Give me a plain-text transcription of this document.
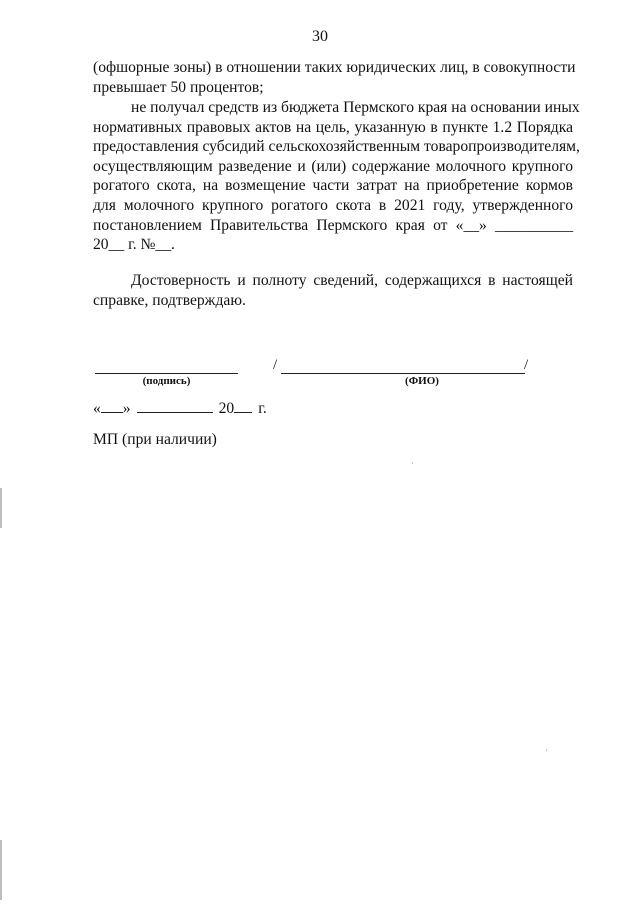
30
(офшорные зоны) в отношении таких юридических лиц, в совокупности
превышает 50 процентов;
не получал средств из бюджета Пермского края на основании иных
нормативных правовых актов на цель, указанную в пункте 1.2 Порядка
предоставления субсидий сельскохозяйственным товаропроизводителям,
осуществляющим разведение и (или) содержание молочного крупного
рогатого скота, на возмещение части затрат на приобретение кормов
для молочного крупного рогатого скота в 2021 году, утвержденного
постановлением Правительства Пермского края от «__» __________
20__ г. №__.
Достоверность и полноту сведений, содержащихся в настоящей
справке, подтверждаю.
(подпись)
/	/
(ФИО)
« »	20 г.
МП (при наличии)
